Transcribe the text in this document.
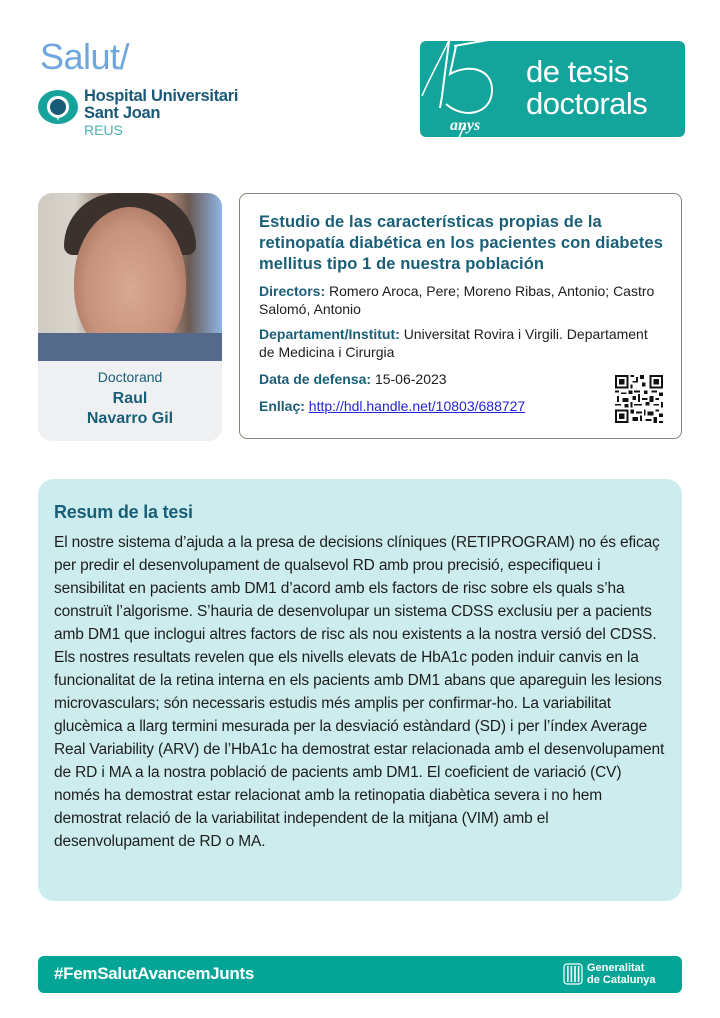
Salut/
Hospital Universitari
Sant Joan
REUS	anys
de tesis
doctorals
Doctorand
Raul
Navarro Gil
Estudio de las características propias de la retinopatía diabética en los pacientes con diabetes mellitus tipo 1 de nuestra población
Directors: Romero Aroca, Pere; Moreno Ribas, Antonio; Castro Salomó, Antonio
Departament/Institut: Universitat Rovira i Virgili. Departament de Medicina i Cirurgia
Data de defensa: 15-06-2023
Enllaç: http://hdl.handle.net/10803/688727
Resum de la tesi
El nostre sistema d’ajuda a la presa de decisions clíniques (RETIPROGRAM) no és eficaç per predir el desenvolupament de qualsevol RD amb prou precisió, especifiqueu i sensibilitat en pacients amb DM1 d’acord amb els factors de risc sobre els quals s’ha construït l’algorisme. S’hauria de desenvolupar un sistema CDSS exclusiu per a pacients amb DM1 que inclogui altres factors de risc als nou existents a la nostra versió del CDSS. Els nostres resultats revelen que els nivells elevats de HbA1c poden induir canvis en la funcionalitat de la retina interna en els pacients amb DM1 abans que apareguin les lesions microvasculars; són necessaris estudis més amplis per confirmar-ho. La variabilitat glucèmica a llarg termini mesurada per la desviació estàndard (SD) i per l’índex Average Real Variability (ARV) de l’HbA1c ha demostrat estar relacionada amb el desenvolupament de RD i MA a la nostra població de pacients amb DM1. El coeficient de variació (CV) només ha demostrat estar relacionat amb la retinopatia diabètica severa i no hem demostrat relació de la variabilitat independent de la mitjana (VIM) amb el desenvolupament de RD o MA.
#FemSalutAvancemJunts	Generalitat
de Catalunya
